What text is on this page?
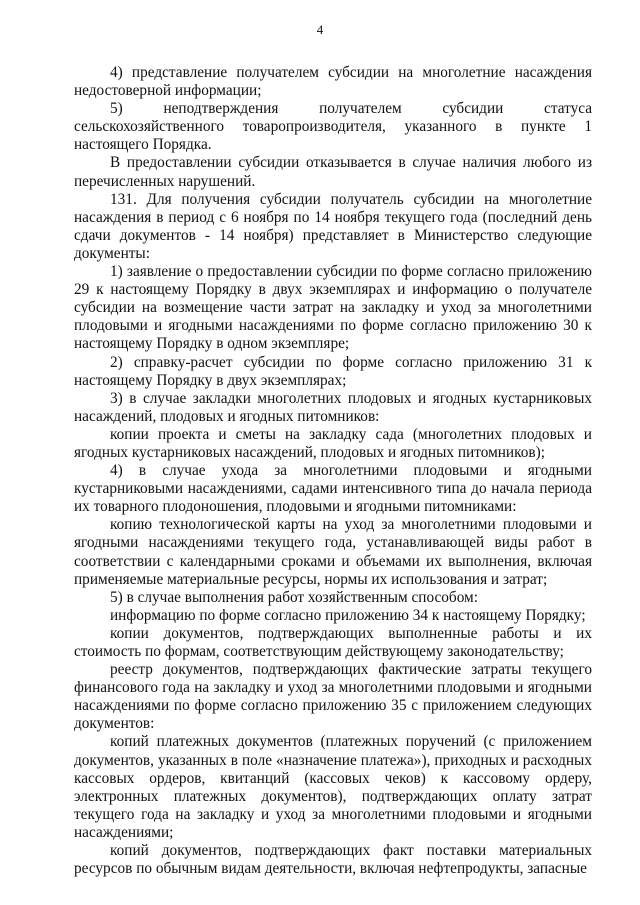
4

4) представление получателем субсидии на многолетние насаждения недостоверной информации;

5) неподтверждения получателем субсидии статуса сельскохозяйственного товаропроизводителя, указанного в пункте 1 настоящего Порядка.

В предоставлении субсидии отказывается в случае наличия любого из перечисленных нарушений.

131. Для получения субсидии получатель субсидии на многолетние насаждения в период с 6 ноября по 14 ноября текущего года (последний день сдачи документов - 14 ноября) представляет в Министерство следующие документы:

1) заявление о предоставлении субсидии по форме согласно приложению 29 к настоящему Порядку в двух экземплярах и информацию о получателе субсидии на возмещение части затрат на закладку и уход за многолетними плодовыми и ягодными насаждениями по форме согласно приложению 30 к настоящему Порядку в одном экземпляре;

2) справку-расчет субсидии по форме согласно приложению 31 к настоящему Порядку в двух экземплярах;

3) в случае закладки многолетних плодовых и ягодных кустарниковых насаждений, плодовых и ягодных питомников:

копии проекта и сметы на закладку сада (многолетних плодовых и ягодных кустарниковых насаждений, плодовых и ягодных питомников);

4) в случае ухода за многолетними плодовыми и ягодными кустарниковыми насаждениями, садами интенсивного типа до начала периода их товарного плодоношения, плодовыми и ягодными питомниками:

копию технологической карты на уход за многолетними плодовыми и ягодными насаждениями текущего года, устанавливающей виды работ в соответствии с календарными сроками и объемами их выполнения, включая применяемые материальные ресурсы, нормы их использования и затрат;

5) в случае выполнения работ хозяйственным способом:

информацию по форме согласно приложению 34 к настоящему Порядку;

копии документов, подтверждающих выполненные работы и их стоимость по формам, соответствующим действующему законодательству;

реестр документов, подтверждающих фактические затраты текущего финансового года на закладку и уход за многолетними плодовыми и ягодными насаждениями по форме согласно приложению 35 с приложением следующих документов:

копий платежных документов (платежных поручений (с приложением документов, указанных в поле «назначение платежа»), приходных и расходных кассовых ордеров, квитанций (кассовых чеков) к кассовому ордеру, электронных платежных документов), подтверждающих оплату затрат текущего года на закладку и уход за многолетними плодовыми и ягодными насаждениями;

копий документов, подтверждающих факт поставки материальных ресурсов по обычным видам деятельности, включая нефтепродукты, запасные
